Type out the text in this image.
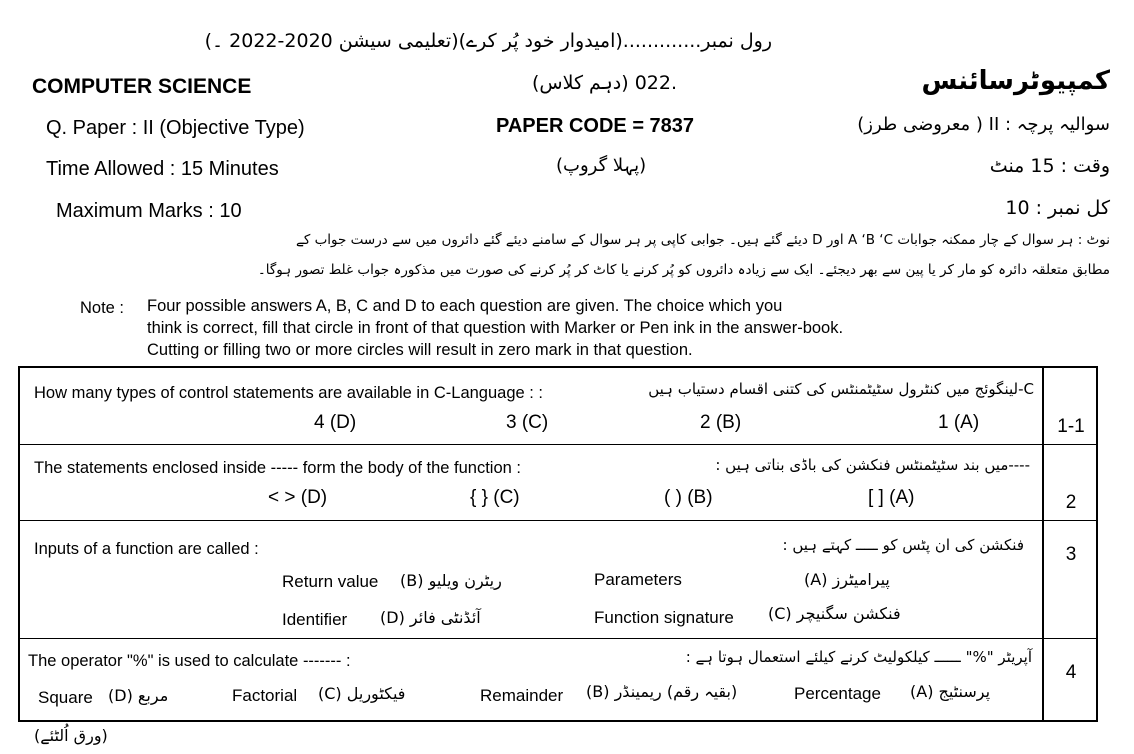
رول نمبر.............(امیدوار خود پُر کرے)(تعلیمی سیشن 2020-2022 ۔)
COMPUTER SCIENCE	.022 (دہم کلاس)	کمپیوٹرسائنس
Q. Paper : II (Objective Type)	PAPER CODE = 7837	سوالیہ پرچہ : II ( معروضی طرز)
Time Allowed : 15 Minutes	(پہلا گروپ)	وقت : 15 منٹ
Maximum Marks : 10	کل نمبر : 10
نوٹ : ہر سوال کے چار ممکنہ جوابات A ‘B ‘C اور D دیئے گئے ہیں۔ جوابی کاپی پر ہر سوال کے سامنے دیئے گئے دائروں میں سے درست جواب کے
مطابق متعلقہ دائرہ کو مار کر یا پین سے بھر دیجئے۔ ایک سے زیادہ دائروں کو پُر کرنے یا کاٹ کر پُر کرنے کی صورت میں مذکورہ جواب غلط تصور ہوگا۔
Note : Four possible answers A, B, C and D to each question are given. The choice which you
think is correct, fill that circle in front of that question with Marker or Pen ink in the answer-book.
Cutting or filling two or more circles will result in zero mark in that question.
How many types of control statements are available in C-Language : :	C-لینگوئج میں کنٹرول سٹیٹمنٹس کی کتنی اقسام دستیاب ہیں
1 (A)
2 (B)
3 (C)
4 (D)	1-1
The statements enclosed inside ----- form the body of the function :	----میں بند سٹیٹمنٹس فنکشن کی باڈی بناتی ہیں :
[ ] (A)
( ) (B)
{ } (C)
< > (D)	2
Inputs of a function are called :	فنکشن کی ان پٹس کو ـــــ کہتے ہیں :
Parameters	پیرامیٹرز (A)
Return value ریٹرن ویلیو (B)
Function signature فنکشن سگنیچر (C)
Identifier آئڈنٹی فائر (D)
3
The operator "%" is used to calculate ------- :	آپریٹر "%" ــــــ کیلکولیٹ کرنے کیلئے استعمال ہوتا ہے :
Percentage پرسنٹیج (A)
Remainder (بقیہ رقم) ریمینڈر (B)
Factorial فیکٹوریل (C)
Square مربع (D)
4
(ورق اُلٹئے)
